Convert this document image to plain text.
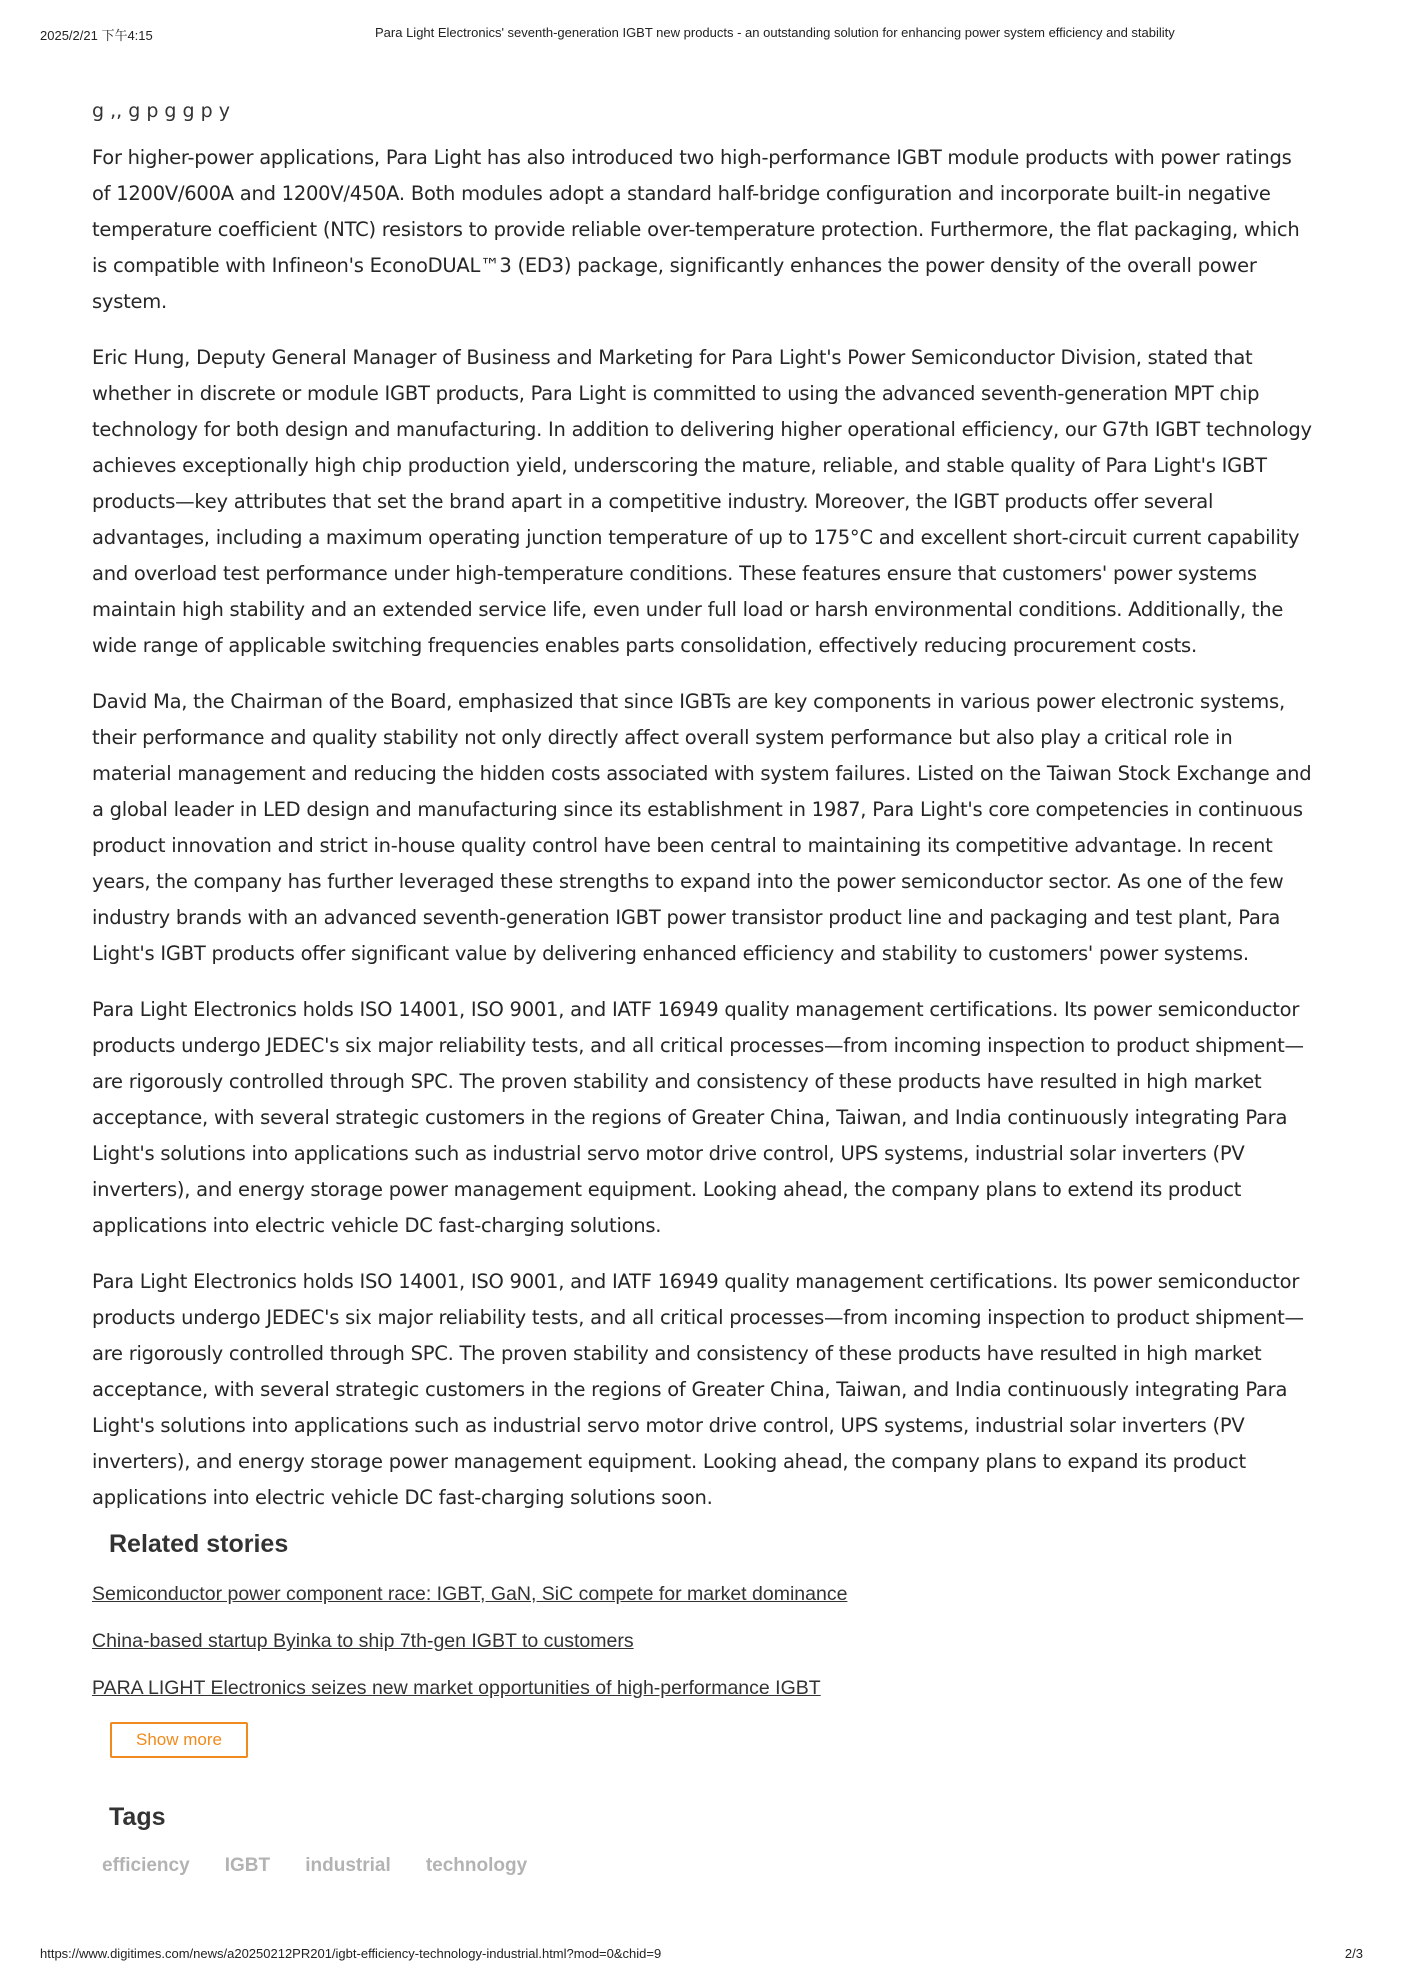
2025/2/21 下午4:15	Para Light Electronics' seventh-generation IGBT new products - an outstanding solution for enhancing power system efficiency and stability
g ,, g p g g p y

For higher-power applications, Para Light has also introduced two high-performance IGBT module products with power ratings of 1200V/600A and 1200V/450A. Both modules adopt a standard half-bridge configuration and incorporate built-in negative temperature coefficient (NTC) resistors to provide reliable over-temperature protection. Furthermore, the flat packaging, which is compatible with Infineon's EconoDUAL™3 (ED3) package, significantly enhances the power density of the overall power system.

Eric Hung, Deputy General Manager of Business and Marketing for Para Light's Power Semiconductor Division, stated that whether in discrete or module IGBT products, Para Light is committed to using the advanced seventh-generation MPT chip technology for both design and manufacturing. In addition to delivering higher operational efficiency, our G7th IGBT technology achieves exceptionally high chip production yield, underscoring the mature, reliable, and stable quality of Para Light's IGBT products—key attributes that set the brand apart in a competitive industry. Moreover, the IGBT products offer several advantages, including a maximum operating junction temperature of up to 175°C and excellent short-circuit current capability and overload test performance under high-temperature conditions. These features ensure that customers' power systems maintain high stability and an extended service life, even under full load or harsh environmental conditions. Additionally, the wide range of applicable switching frequencies enables parts consolidation, effectively reducing procurement costs.

David Ma, the Chairman of the Board, emphasized that since IGBTs are key components in various power electronic systems, their performance and quality stability not only directly affect overall system performance but also play a critical role in material management and reducing the hidden costs associated with system failures. Listed on the Taiwan Stock Exchange and a global leader in LED design and manufacturing since its establishment in 1987, Para Light's core competencies in continuous product innovation and strict in-house quality control have been central to maintaining its competitive advantage. In recent years, the company has further leveraged these strengths to expand into the power semiconductor sector. As one of the few industry brands with an advanced seventh-generation IGBT power transistor product line and packaging and test plant, Para Light's IGBT products offer significant value by delivering enhanced efficiency and stability to customers' power systems.

Para Light Electronics holds ISO 14001, ISO 9001, and IATF 16949 quality management certifications. Its power semiconductor products undergo JEDEC's six major reliability tests, and all critical processes—from incoming inspection to product shipment—are rigorously controlled through SPC. The proven stability and consistency of these products have resulted in high market acceptance, with several strategic customers in the regions of Greater China, Taiwan, and India continuously integrating Para Light's solutions into applications such as industrial servo motor drive control, UPS systems, industrial solar inverters (PV inverters), and energy storage power management equipment. Looking ahead, the company plans to extend its product applications into electric vehicle DC fast-charging solutions.

Para Light Electronics holds ISO 14001, ISO 9001, and IATF 16949 quality management certifications. Its power semiconductor products undergo JEDEC's six major reliability tests, and all critical processes—from incoming inspection to product shipment—are rigorously controlled through SPC. The proven stability and consistency of these products have resulted in high market acceptance, with several strategic customers in the regions of Greater China, Taiwan, and India continuously integrating Para Light's solutions into applications such as industrial servo motor drive control, UPS systems, industrial solar inverters (PV inverters), and energy storage power management equipment. Looking ahead, the company plans to expand its product applications into electric vehicle DC fast-charging solutions soon.

Related stories
Semiconductor power component race: IGBT, GaN, SiC compete for market dominance
China-based startup Byinka to ship 7th-gen IGBT to customers
PARA LIGHT Electronics seizes new market opportunities of high-performance IGBT
Show more
Tags
efficiency IGBT industrial technology
https://www.digitimes.com/news/a20250212PR201/igbt-efficiency-technology-industrial.html?mod=0&chid=9	2/3
